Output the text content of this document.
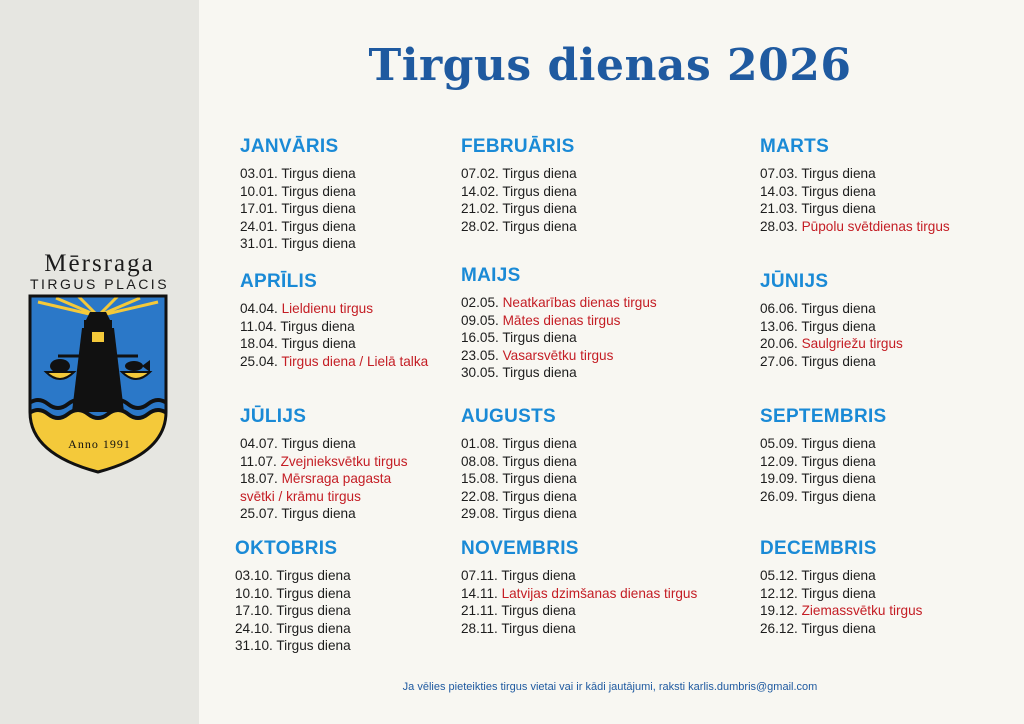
Mērsraga
TIRGUS PLACIS
Anno 1991
Tirgus dienas 2026
JANVĀRIS
03.01. Tirgus diena
10.01. Tirgus diena
17.01. Tirgus diena
24.01. Tirgus diena
31.01. Tirgus diena
FEBRUĀRIS
07.02. Tirgus diena
14.02. Tirgus diena
21.02. Tirgus diena
28.02. Tirgus diena
MARTS
07.03. Tirgus diena
14.03. Tirgus diena
21.03. Tirgus diena
28.03. Pūpolu svētdienas tirgus
APRĪLIS
04.04. Lieldienu tirgus
11.04. Tirgus diena
18.04. Tirgus diena
25.04. Tirgus diena / Lielā talka
MAIJS
02.05. Neatkarības dienas tirgus
09.05. Mātes dienas tirgus
16.05. Tirgus diena
23.05. Vasarsvētku tirgus
30.05. Tirgus diena
JŪNIJS
06.06. Tirgus diena
13.06. Tirgus diena
20.06. Saulgriežu tirgus
27.06. Tirgus diena
JŪLIJS
04.07. Tirgus diena
11.07. Zvejnieksvētku tirgus
18.07. Mērsraga pagasta svētki / krāmu tirgus
25.07. Tirgus diena
AUGUSTS
01.08. Tirgus diena
08.08. Tirgus diena
15.08. Tirgus diena
22.08. Tirgus diena
29.08. Tirgus diena
SEPTEMBRIS
05.09. Tirgus diena
12.09. Tirgus diena
19.09. Tirgus diena
26.09. Tirgus diena
OKTOBRIS
03.10. Tirgus diena
10.10. Tirgus diena
17.10. Tirgus diena
24.10. Tirgus diena
31.10. Tirgus diena
NOVEMBRIS
07.11. Tirgus diena
14.11. Latvijas dzimšanas dienas tirgus
21.11. Tirgus diena
28.11. Tirgus diena
DECEMBRIS
05.12. Tirgus diena
12.12. Tirgus diena
19.12. Ziemassvētku tirgus
26.12. Tirgus diena
Ja vēlies pieteikties tirgus vietai vai ir kādi jautājumi, raksti karlis.dumbris@gmail.com
